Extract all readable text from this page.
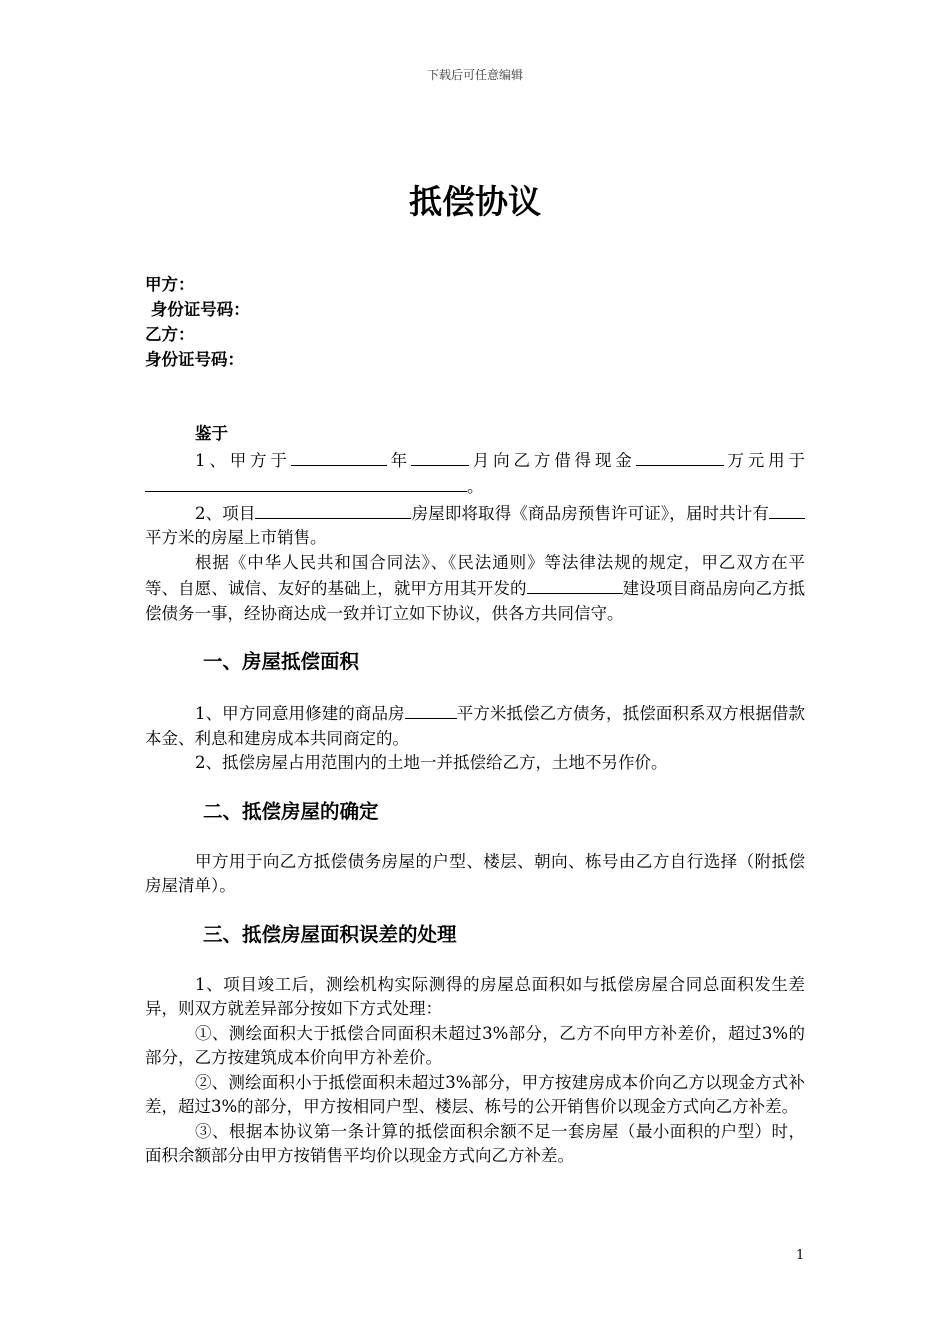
下载后可任意编辑
抵偿协议
甲方：
身份证号码：
乙方：
身份证号码：

鉴于

1、甲方于	年	月向乙方借得现金	万元用于。

2、项目	房屋即将取得《商品房预售许可证》，届时共计有平方米的房屋上市销售。

根据《中华人民共和国合同法》、《民法通则》等法律法规的规定，甲乙双方在平等、自愿、诚信、友好的基础上，就甲方用其开发的	建设项目商品房向乙方抵偿债务一事，经协商达成一致并订立如下协议，供各方共同信守。

一、房屋抵偿面积

1、甲方同意用修建的商品房	平方米抵偿乙方债务，抵偿面积系双方根据借款本金、利息和建房成本共同商定的。

2、抵偿房屋占用范围内的土地一并抵偿给乙方，土地不另作价。

二、抵偿房屋的确定

甲方用于向乙方抵偿债务房屋的户型、楼层、朝向、栋号由乙方自行选择（附抵偿房屋清单）。

三、抵偿房屋面积误差的处理

1、项目竣工后，测绘机构实际测得的房屋总面积如与抵偿房屋合同总面积发生差异，则双方就差异部分按如下方式处理：

①、测绘面积大于抵偿合同面积未超过3%部分，乙方不向甲方补差价，超过3%的部分，乙方按建筑成本价向甲方补差价。

②、测绘面积小于抵偿面积未超过3%部分，甲方按建房成本价向乙方以现金方式补差，超过3%的部分，甲方按相同户型、楼层、栋号的公开销售价以现金方式向乙方补差。

③、根据本协议第一条计算的抵偿面积余额不足一套房屋（最小面积的户型）时，面积余额部分由甲方按销售平均价以现金方式向乙方补差。

1
